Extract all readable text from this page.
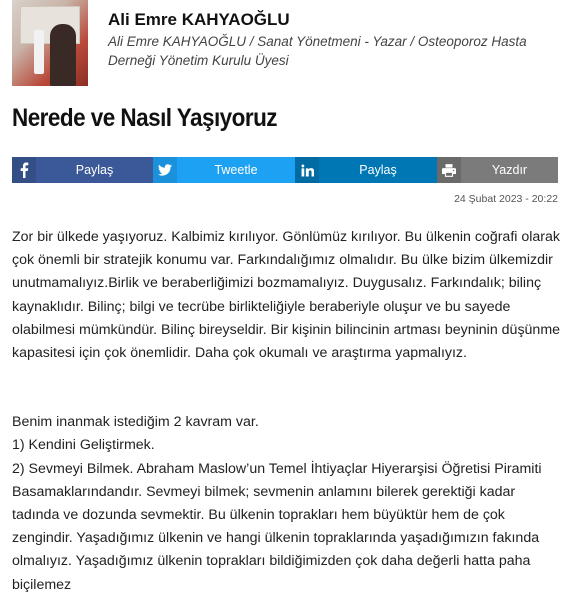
Ali Emre KAHYAOĞLU
Ali Emre KAHYAOĞLU / Sanat Yönetmeni - Yazar / Osteoporoz Hasta Derneği Yönetim Kurulu Üyesi
Nerede ve Nasıl Yaşıyoruz
Paylaş	Tweetle	Paylaş	Yazdır
24 Şubat 2023 - 20:22

Zor bir ülkede yaşıyoruz. Kalbimiz kırılıyor. Gönlümüz kırılıyor. Bu ülkenin coğrafi olarak çok önemli bir stratejik konumu var. Farkındalığımız olmalıdır. Bu ülke bizim ülkemizdir unutmamalıyız.Birlik ve beraberliğimizi bozmamalıyız. Duygusalız. Farkındalık; bilinç kaynaklıdır. Bilinç; bilgi ve tecrübe birlikteliğiyle beraberiyle oluşur ve bu sayede olabilmesi mümkündür. Bilinç bireyseldir. Bir kişinin bilincinin artması beyninin düşünme kapasitesi için çok önemlidir. Daha çok okumalı ve araştırma yapmalıyız.

Benim inanmak istediğim 2 kavram var.

1) Kendini Geliştirmek.

2) Sevmeyi Bilmek. Abraham Maslow’un Temel İhtiyaçlar Hiyerarşisi Öğretisi Piramiti Basamaklarındandır. Sevmeyi bilmek; sevmenin anlamını bilerek gerektiği kadar tadında ve dozunda sevmektir. Bu ülkenin toprakları hem büyüktür hem de çok zengindir. Yaşadığımız ülkenin ve hangi ülkenin topraklarında yaşadığımızın fakında olmalıyız. Yaşadığımız ülkenin toprakları bildiğimizden çok daha değerli hatta paha biçilemez
